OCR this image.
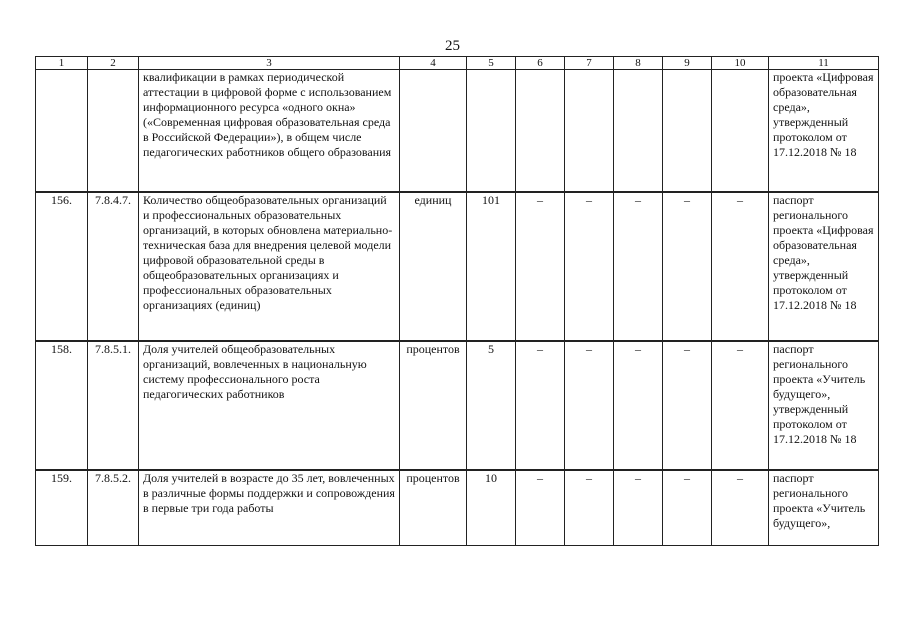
25
1	2	3	4	5	6	7	8	9	10	11
		квалификации в рамках периодической аттестации в цифровой форме с использованием информационного ресурса «одного окна» («Современная цифровая образовательная среда в Российской Федерации»), в общем числе педагогических работников общего образования								проекта «Цифровая образовательная среда», утвержденный протоколом от 17.12.2018 № 18
156.	7.8.4.7.	Количество общеобразовательных организаций и профессиональных образовательных организаций, в которых обновлена материально-техническая база для внедрения целевой модели цифровой образовательной среды в общеобразовательных организациях и профессиональных образовательных организациях (единиц)	единиц	101	–	–	–	–	–	паспорт регионального проекта «Цифровая образовательная среда», утвержденный протоколом от 17.12.2018 № 18
158.	7.8.5.1.	Доля учителей общеобразовательных организаций, вовлеченных в национальную систему профессионального роста педагогических работников	процентов	5	–	–	–	–	–	паспорт регионального проекта «Учитель будущего», утвержденный протоколом от 17.12.2018 № 18
159.	7.8.5.2.	Доля учителей в возрасте до 35 лет, вовлеченных в различные формы поддержки и сопровождения в первые три года работы	процентов	10	–	–	–	–	–	паспорт регионального проекта «Учитель будущего»,
